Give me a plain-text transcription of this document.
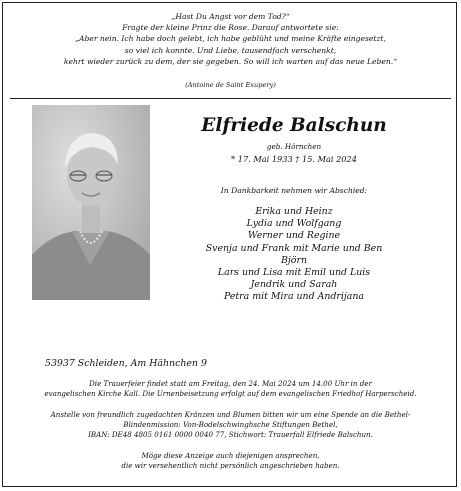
„Hast Du Angst vor dem Tod?“
Fragte der kleine Prinz die Rose. Darauf antwortete sie:
„Aber nein. Ich habe doch gelebt, ich habe geblüht und meine Kräfte eingesetzt,
so viel ich konnte. Und Liebe, tausendfach verschenkt,
kehrt wieder zurück zu dem, der sie gegeben. So will ich warten auf das neue Leben.“
(Antoine de Saint Exupery)
Elfriede Balschun
geb. Hörnchen
* 17. Mai 1933 † 15. Mai 2024
In Dankbarkeit nehmen wir Abschied:
Erika und Heinz
Lydia und Wolfgang
Werner und Regine
Svenja und Frank mit Marie und Ben
Björn
Lars und Lisa mit Emil und Luis
Jendrik und Sarah
Petra mit Mira und Andrijana
53937 Schleiden, Am Hähnchen 9
Die Trauerfeier findet statt am Freitag, den 24. Mai 2024 um 14.00 Uhr in der
evangelischen Kirche Kall. Die Urnenbeisetzung erfolgt auf dem evangelischen Friedhof Harperscheid.
Anstelle von freundlich zugedachten Kränzen und Blumen bitten wir um eine Spende an die Bethel-
Blindenmission: Von-Bodelschwinghsche Stiftungen Bethel,
IBAN: DE48 4805 0161 0000 0040 77, Stichwort: Trauerfall Elfriede Balschun.
Möge diese Anzeige auch diejenigen ansprechen,
die wir versehentlich nicht persönlich angeschrieben haben.
